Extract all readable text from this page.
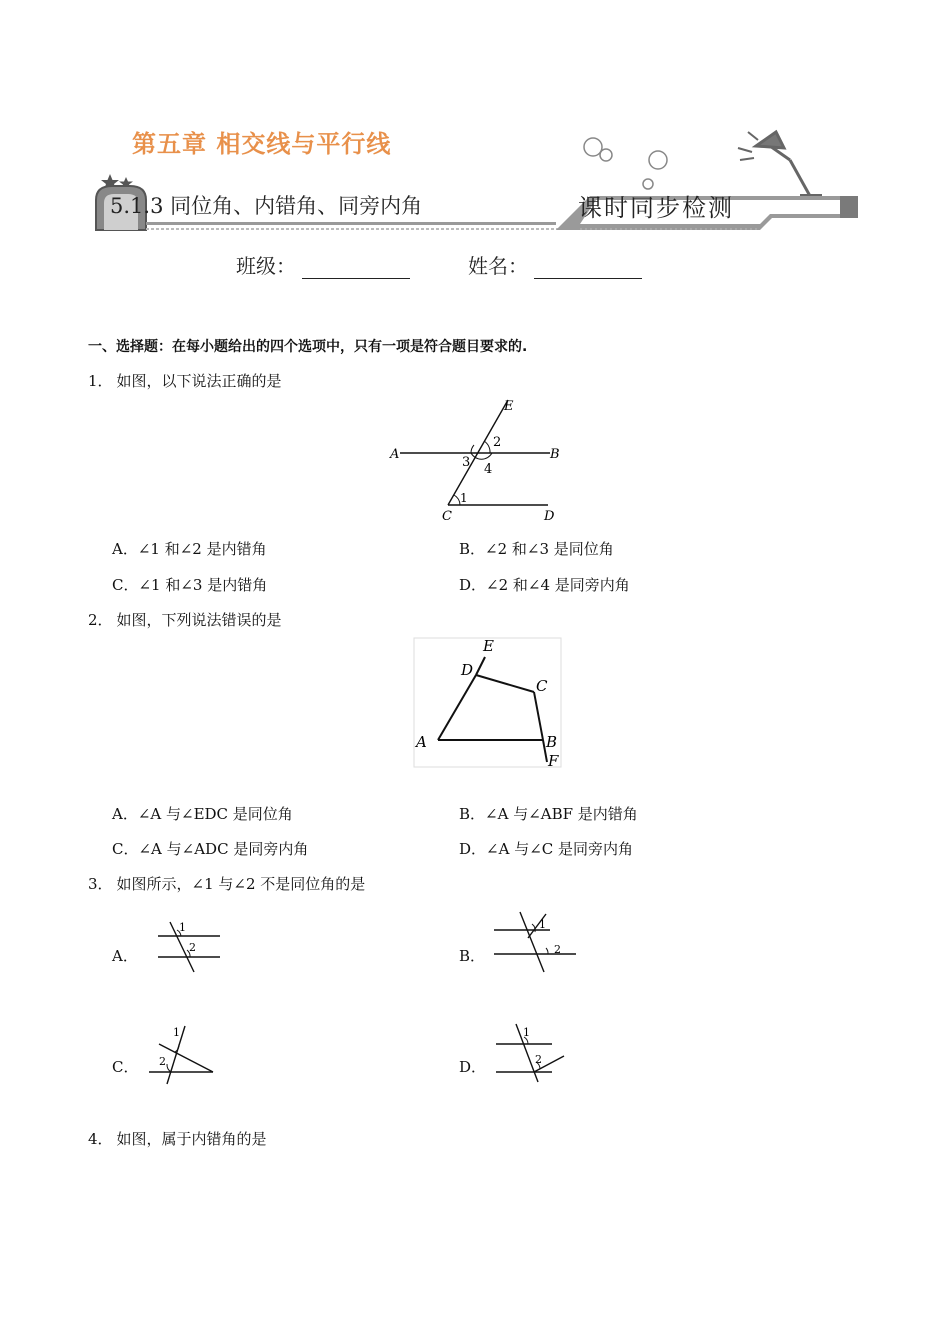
第五章 相交线与平行线
5.1.3 同位角、内错角、同旁内角	课时同步检测
班级：	姓名：
一、选择题：在每小题给出的四个选项中，只有一项是符合题目要求的.
1． 如图，以下说法正确的是
E
2
A
3 4
B
1
C	D
A．∠1 和∠2 是内错角	B．∠2 和∠3 是同位角
C．∠1 和∠3 是内错角	D．∠2 和∠4 是同旁内角
2． 如图，下列说法错误的是
E
D
C
A	B
F
A．∠A 与∠EDC 是同位角	B．∠A 与∠ABF 是内错角
C．∠A 与∠ADC 是同旁内角	D．∠A 与∠C 是同旁内角
3． 如图所示，∠1 与∠2 不是同位角的是
A．
1
2	B．
1
2
C．
1
2	D．
1
2
4． 如图，属于内错角的是
